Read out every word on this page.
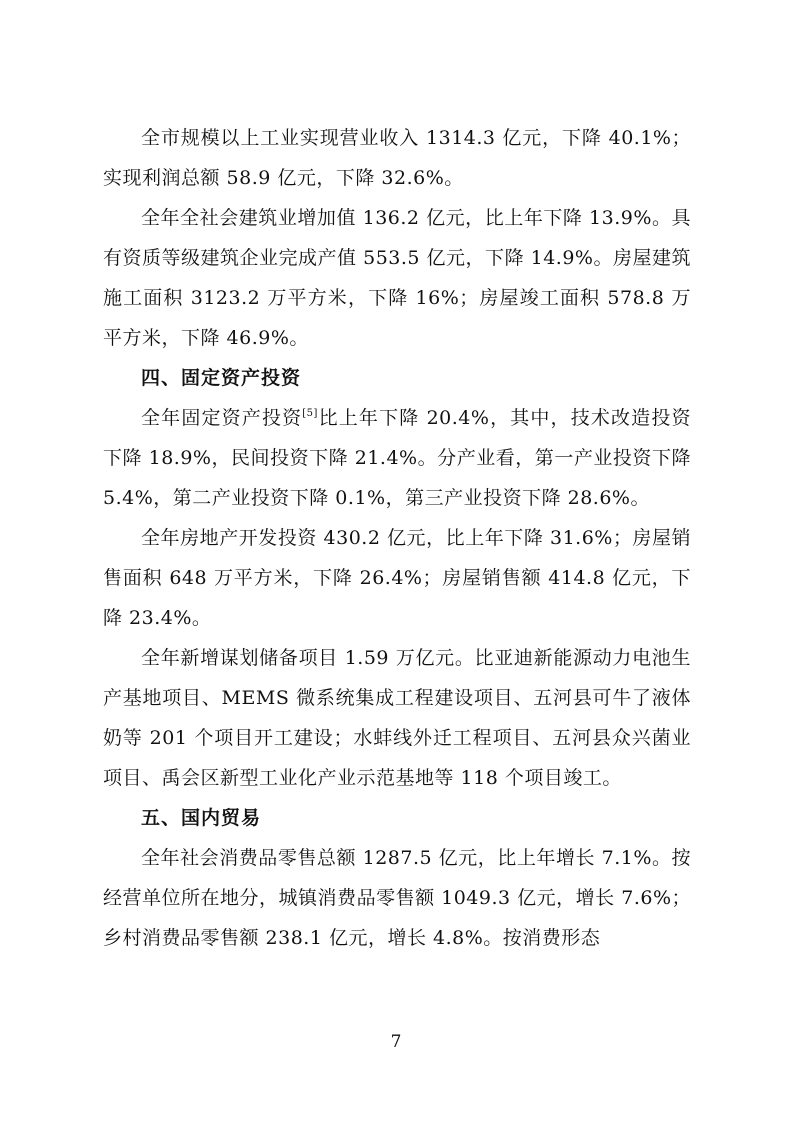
全市规模以上工业实现营业收入 1314.3 亿元，下降 40.1%；实现利润总额 58.9 亿元，下降 32.6%。

全年全社会建筑业增加值 136.2 亿元，比上年下降 13.9%。具有资质等级建筑企业完成产值 553.5 亿元，下降 14.9%。房屋建筑施工面积 3123.2 万平方米，下降 16%；房屋竣工面积 578.8 万平方米，下降 46.9%。

四、固定资产投资

全年固定资产投资[5]比上年下降 20.4%，其中，技术改造投资下降 18.9%，民间投资下降 21.4%。分产业看，第一产业投资下降 5.4%，第二产业投资下降 0.1%，第三产业投资下降 28.6%。

全年房地产开发投资 430.2 亿元，比上年下降 31.6%；房屋销售面积 648 万平方米，下降 26.4%；房屋销售额 414.8 亿元，下降 23.4%。

全年新增谋划储备项目 1.59 万亿元。比亚迪新能源动力电池生产基地项目、MEMS 微系统集成工程建设项目、五河县可牛了液体奶等 201 个项目开工建设；水蚌线外迁工程项目、五河县众兴菌业项目、禹会区新型工业化产业示范基地等 118 个项目竣工。

五、国内贸易

全年社会消费品零售总额 1287.5 亿元，比上年增长 7.1%。按经营单位所在地分，城镇消费品零售额 1049.3 亿元，增长 7.6%；乡村消费品零售额 238.1 亿元，增长 4.8%。按消费形态

7
